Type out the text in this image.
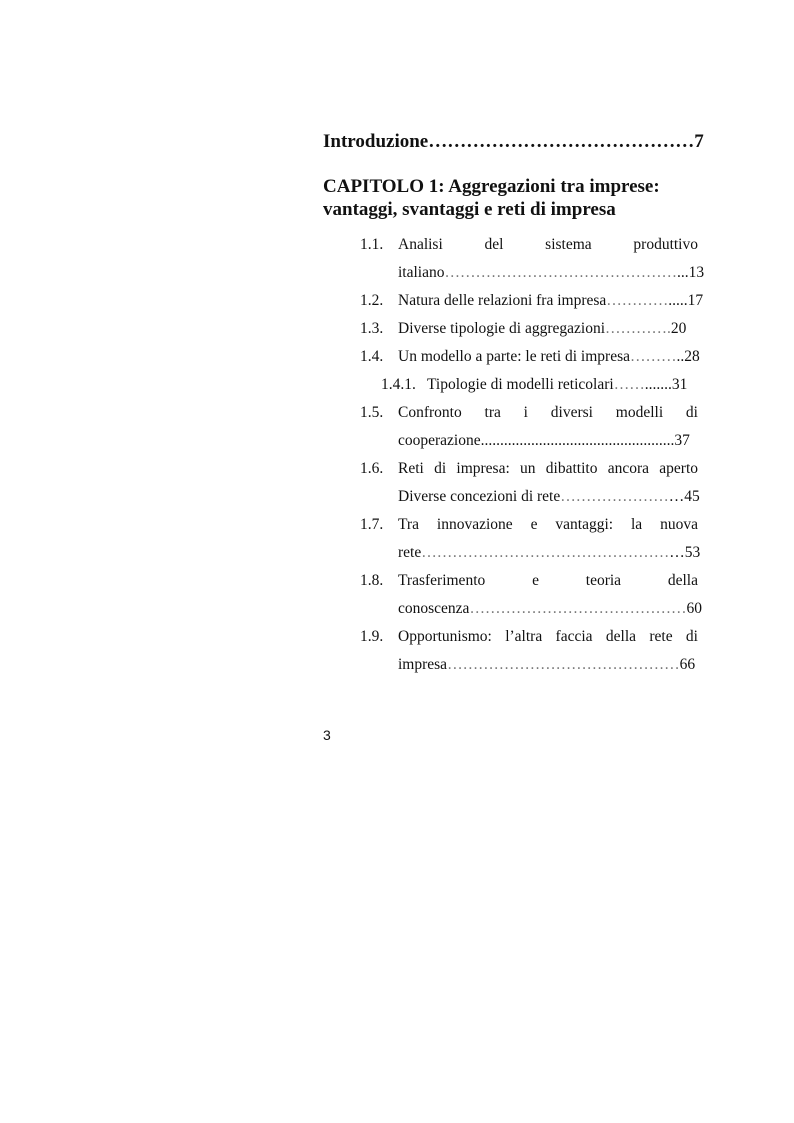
Introduzione……………………………………7
CAPITOLO 1: Aggregazioni tra imprese:
vantaggi, svantaggi e reti di impresa
1.1. Analisi del sistema produttivo
italiano………………………………………...13
1.2. Natura delle relazioni fra impresa………….....17
1.3. Diverse tipologie di aggregazioni………….20
1.4. Un modello a parte: le reti di impresa………..28
1.4.1. Tipologie di modelli reticolari…….......31
1.5. Confronto tra i diversi modelli di
cooperazione..................................................37
1.6. Reti di impresa: un dibattito ancora aperto
Diverse concezioni di rete……………………45
1.7. Tra innovazione e vantaggi: la nuova
rete……………………………………………53
1.8. Trasferimento e teoria della
conoscenza……………………………………60
1.9. Opportunismo: l’altra faccia della rete di
impresa………………………………………66
3
